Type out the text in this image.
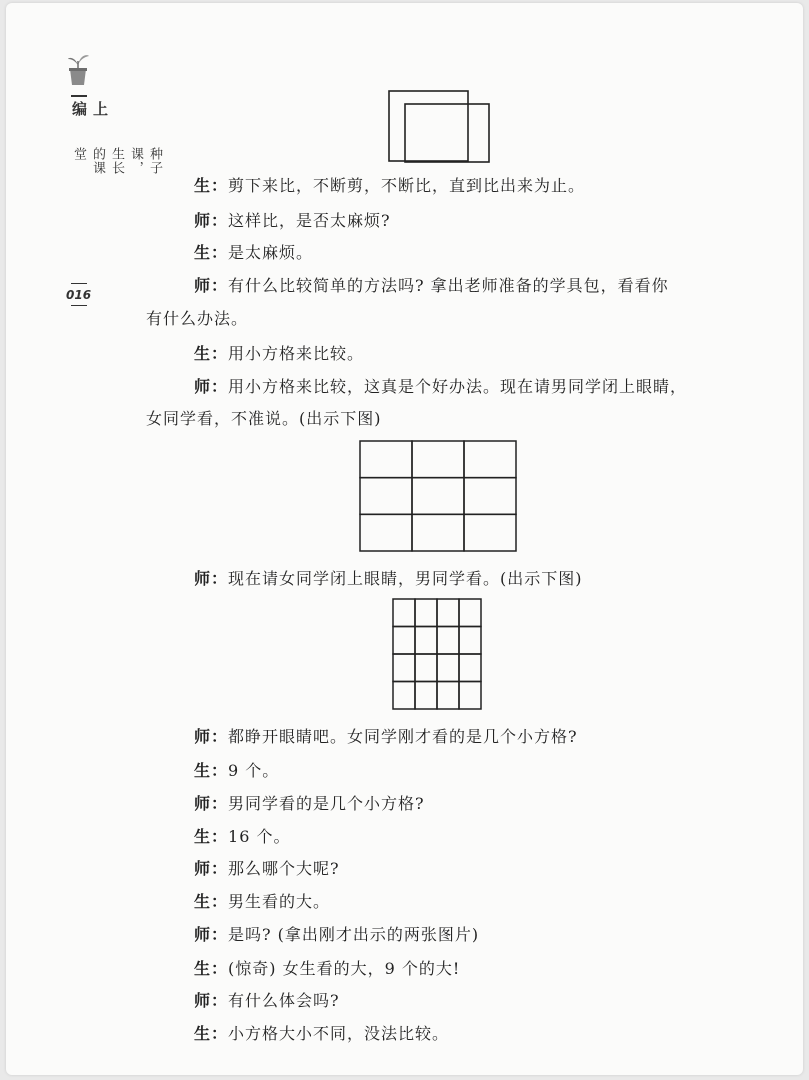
上编
种子课，生长的课堂
016
生：剪下来比，不断剪，不断比，直到比出来为止。
师：这样比，是否太麻烦?
生：是太麻烦。
师：有什么比较简单的方法吗? 拿出老师准备的学具包，看看你
有什么办法。
生：用小方格来比较。
师：用小方格来比较，这真是个好办法。现在请男同学闭上眼睛，
女同学看，不准说。(出示下图)
师：现在请女同学闭上眼睛，男同学看。(出示下图)
师：都睁开眼睛吧。女同学刚才看的是几个小方格?
生：9 个。
师：男同学看的是几个小方格?
生：16 个。
师：那么哪个大呢?
生：男生看的大。
师：是吗? (拿出刚才出示的两张图片)
生：(惊奇) 女生看的大，9 个的大!
师：有什么体会吗?
生：小方格大小不同，没法比较。
